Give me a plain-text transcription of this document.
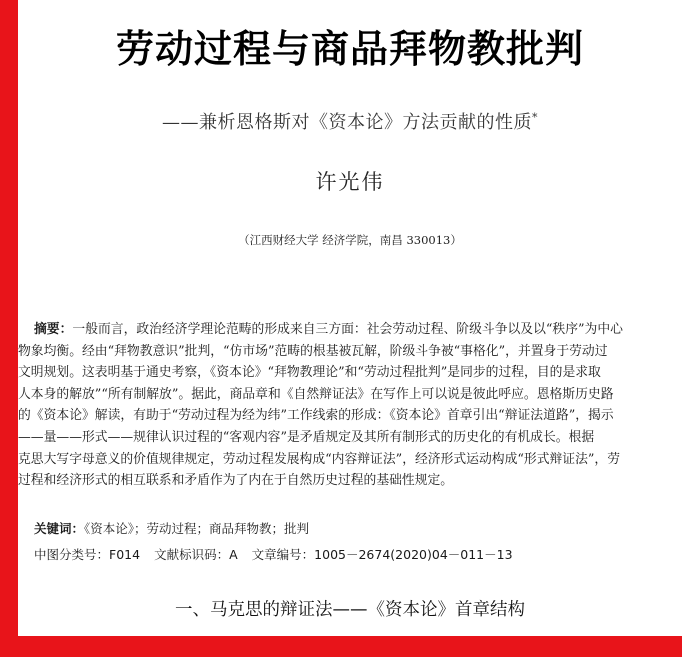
劳动过程与商品拜物教批判
——兼析恩格斯对《资本论》方法贡献的性质*
许光伟
（江西财经大学 经济学院，南昌 330013）
摘要：一般而言，政治经济学理论范畴的形成来自三方面：社会劳动过程、阶级斗争以及以“秩序”为中心
物象均衡。经由“拜物教意识”批判，“仿市场”范畴的根基被瓦解，阶级斗争被“事格化”，并置身于劳动过
文明规划。这表明基于通史考察，《资本论》“拜物教理论”和“劳动过程批判”是同步的过程，目的是求取
人本身的解放”“所有制解放”。据此，商品章和《自然辩证法》在写作上可以说是彼此呼应。恩格斯历史路
的《资本论》解读，有助于“劳动过程为经为纬”工作线索的形成：《资本论》首章引出“辩证法道路”，揭示
——量——形式——规律认识过程的“客观内容”是矛盾规定及其所有制形式的历史化的有机成长。根据
克思大写字母意义的价值规律规定，劳动过程发展构成“内容辩证法”，经济形式运动构成“形式辩证法”，劳
过程和经济形式的相互联系和矛盾作为了内在于自然历史过程的基础性规定。
关键词：《资本论》；劳动过程；商品拜物教；批判
中图分类号：F014 文献标识码：A 文章编号：1005－2674(2020)04－011－13
一、马克思的辩证法——《资本论》首章结构
